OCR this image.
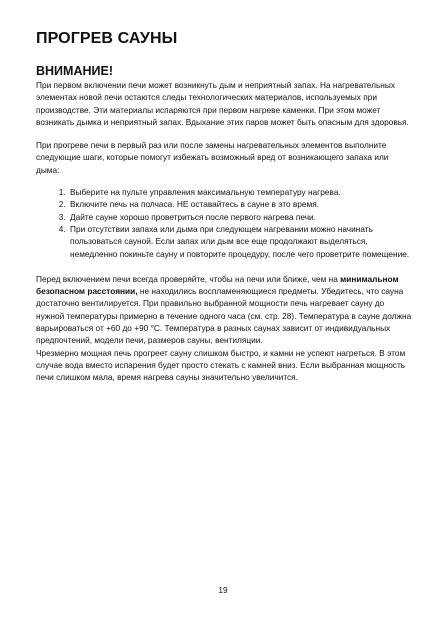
ПРОГРЕВ САУНЫ
ВНИМАНИЕ!

При первом включении печи может возникнуть дым и неприятный запах. На нагревательных элементах новой печи остаются следы технологических материалов, используемых при производстве. Эти материалы испаряются при первом нагреве каменки. При этом может возникать дымка и неприятный запах. Вдыхание этих паров может быть опасным для здоровья.

При прогреве печи в первый раз или после замены нагревательных элементов выполните следующие шаги, которые помогут избежать возможный вред от возникающего запаха или дыма:

1. Выберите на пульте управления максимальную температуру нагрева.
2. Включите печь на полчаса. НЕ оставайтесь в сауне в это время.
3. Дайте сауне хорошо проветриться после первого нагрева печи.
4. При отсутствии запаха или дыма при следующем нагревании можно начинать пользоваться сауной. Если запах или дым все еще продолжают выделяться, немедленно покиньте сауну и повторите процедуру, после чего проветрите помещение.

Перед включением печи всегда проверяйте, чтобы на печи или ближе, чем на минимальном безопасном расстоянии, не находились воспламеняющиеся предметы. Убедитесь, что сауна достаточно вентилируется. При правильно выбранной мощности печь нагревает сауну до нужной температуры примерно в течение одного часа (см. стр. 28). Температура в сауне должна варьироваться от +60 до +90 °C. Температура в разных саунах зависит от индивидуальных предпочтений, модели печи, размеров сауны, вентиляции.

Чрезмерно мощная печь прогреет сауну слишком быстро, и камни не успеют нагреться. В этом случае вода вместо испарения будет просто стекать с камней вниз. Если выбранная мощность печи слишком мала, время нагрева сауны значительно увеличится.

19
